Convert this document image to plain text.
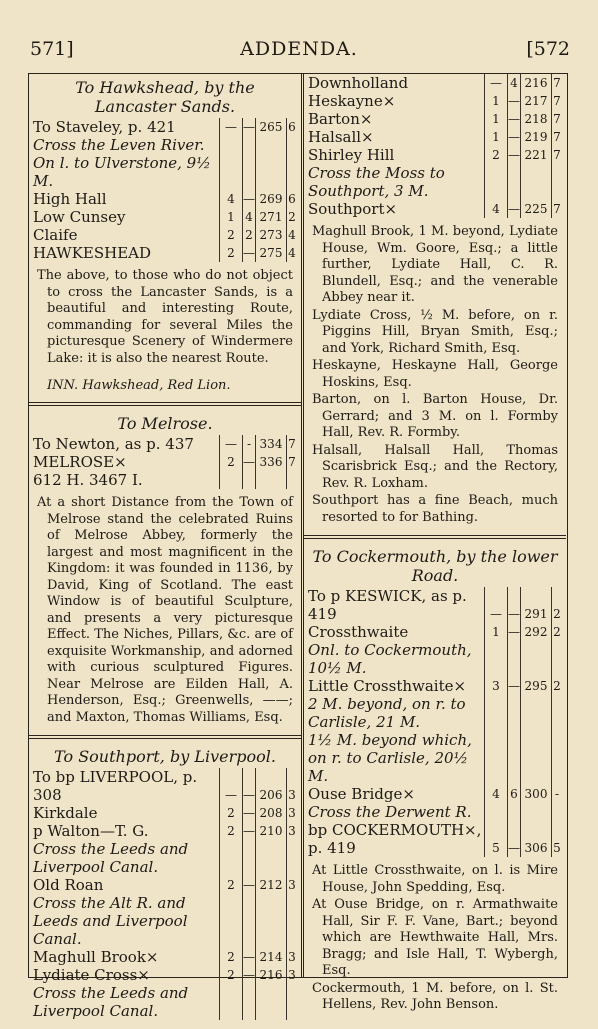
571]	ADDENDA.	[572
To Hawkshead, by the Lancaster Sands.
To Staveley, p. 421	—	—	265	6
Cross the Leven River.				
On l. to Ulverstone, 9½ M.				
High Hall	4	—	269	6
Low Cunsey	1	4	271	2
Claife	2	2	273	4
HAWKESHEAD	2	—	275	4

The above, to those who do not object to cross the Lancaster Sands, is a beautiful and interesting Route, commanding for several Miles the picturesque Scenery of Windermere Lake: it is also the nearest Route.

INN. Hawkshead, Red Lion.

To Melrose.
To Newton, as p. 437	—	-	334	7
MELROSE×	2	—	336	7
612 H. 3467 I.				

At a short Distance from the Town of Melrose stand the celebrated Ruins of Melrose Abbey, formerly the largest and most magnificent in the Kingdom: it was founded in 1136, by David, King of Scotland. The east Window is of beautiful Sculpture, and presents a very picturesque Effect. The Niches, Pillars, &c. are of exquisite Workmanship, and adorned with curious sculptured Figures. Near Melrose are Eilden Hall, A. Henderson, Esq.; Greenwells, ——; and Maxton, Thomas Williams, Esq.

To Southport, by Liverpool.
To bp LIVERPOOL, p. 308	—	—	206	3
Kirkdale	2	—	208	3
p Walton—T. G.	2	—	210	3
Cross the Leeds and Liverpool Canal.				
Old Roan	2	—	212	3
Cross the Alt R. and Leeds and Liverpool Canal.				
Maghull Brook×	2	—	214	3
Lydiate Cross×	2	—	216	3
Cross the Leeds and Liverpool Canal.				
Downholland	—	4	216	7
Heskayne×	1	—	217	7
Barton×	1	—	218	7
Halsall×	1	—	219	7
Shirley Hill	2	—	221	7
Cross the Moss to Southport, 3 M.				
Southport×	4	—	225	7

Maghull Brook, 1 M. beyond, Lydiate House, Wm. Goore, Esq.; a little further, Lydiate Hall, C. R. Blundell, Esq.; and the venerable Abbey near it.

Lydiate Cross, ½ M. before, on r. Piggins Hill, Bryan Smith, Esq.; and York, Richard Smith, Esq.

Heskayne, Heskayne Hall, George Hoskins, Esq.

Barton, on l. Barton House, Dr. Gerrard; and 3 M. on l. Formby Hall, Rev. R. Formby.

Halsall, Halsall Hall, Thomas Scarisbrick Esq.; and the Rectory, Rev. R. Loxham.

Southport has a fine Beach, much resorted to for Bathing.

To Cockermouth, by the lower Road.
To p KESWICK, as p. 419	—	—	291	2
Crossthwaite	1	—	292	2
Onl. to Cockermouth, 10½ M.				
Little Crossthwaite×	3	—	295	2
2 M. beyond, on r. to Carlisle, 21 M.				
1½ M. beyond which, on r. to Carlisle, 20½ M.				
Ouse Bridge×	4	6	300	-
Cross the Derwent R.				
bp COCKERMOUTH×, p. 419	5	—	306	5

At Little Crossthwaite, on l. is Mire House, John Spedding, Esq.

At Ouse Bridge, on r. Armathwaite Hall, Sir F. F. Vane, Bart.; beyond which are Hewthwaite Hall, Mrs. Bragg; and Isle Hall, T. Wybergh, Esq.

Cockermouth, 1 M. before, on l. St. Hellens, Rev. John Benson.
